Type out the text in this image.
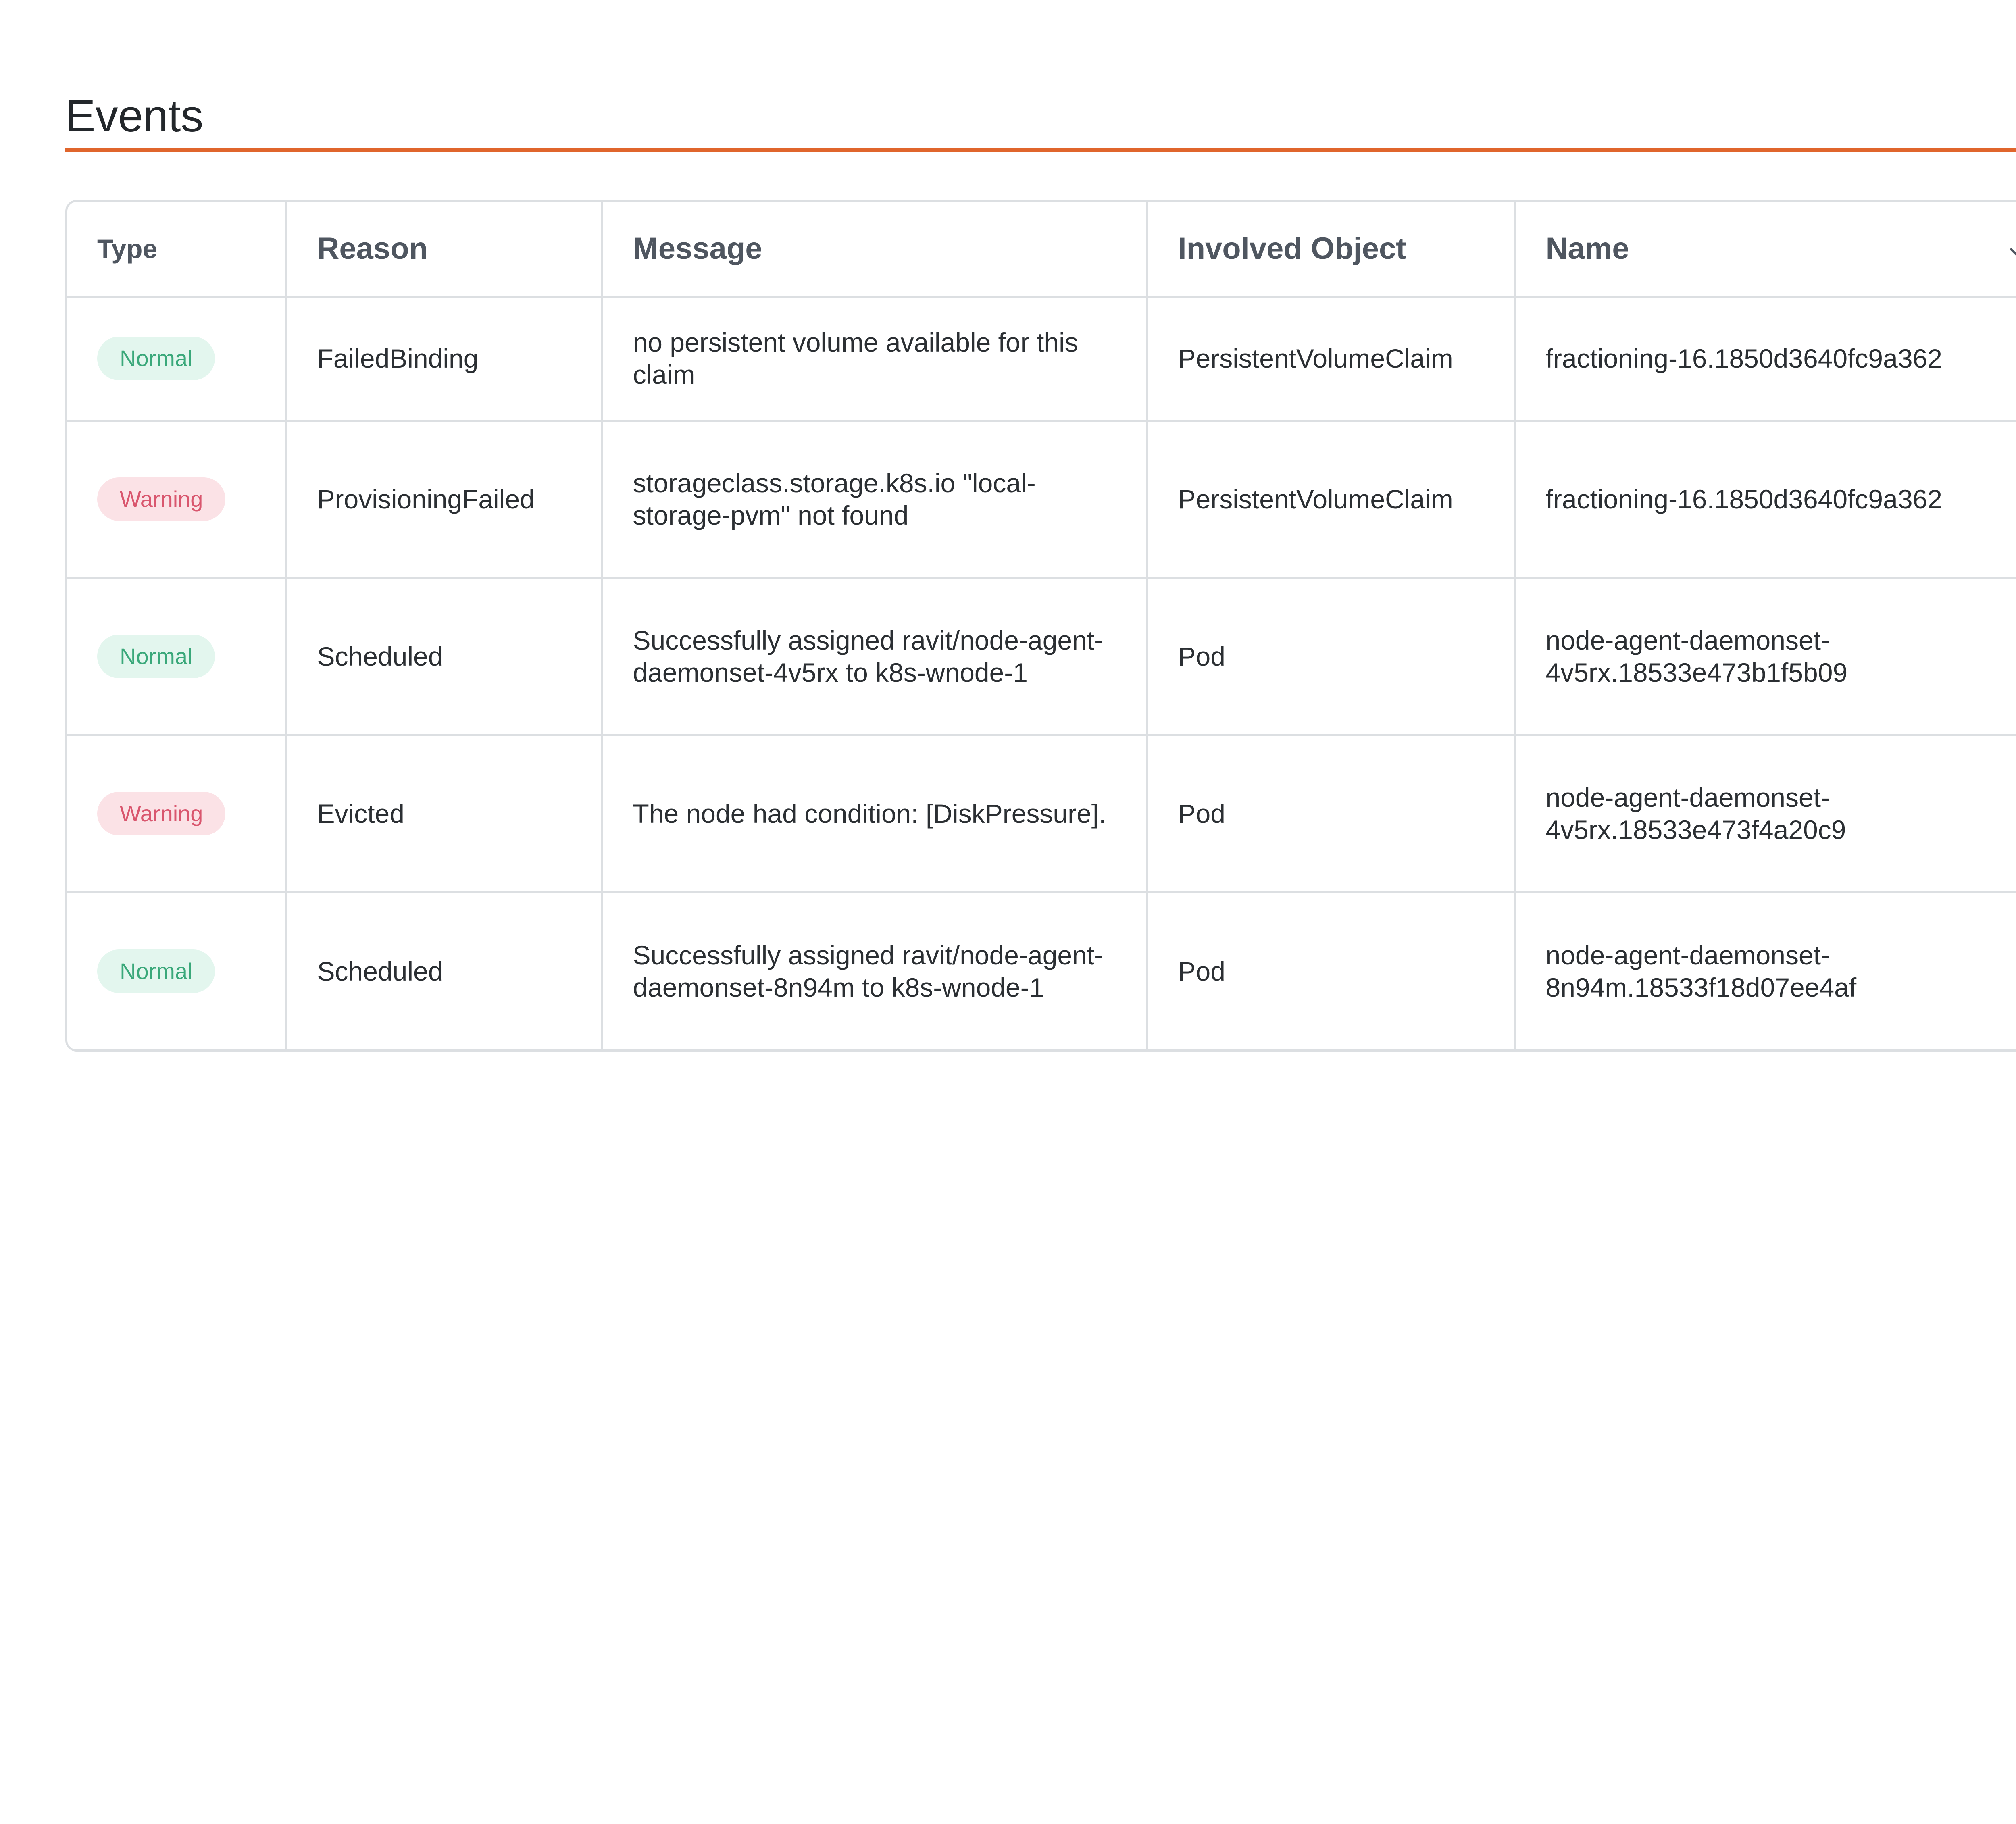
Events
Type	Reason	Message	Involved Object	Name

Normal	FailedBinding	no persistent volume available for this claim	PersistentVolumeClaim	fractioning-16.1850d3640fc9a362			
Warning	ProvisioningFailed	storageclass.storage.k8s.io "local-storage-pvm" not found	PersistentVolumeClaim	fractioning-16.1850d3640fc9a362			
Normal	Scheduled	Successfully assigned ravit/node-agent-daemonset-4v5rx to k8s-wnode-1	Pod	node-agent-daemonset-4v5rx.18533e473b1f5b09			
Warning	Evicted	The node had condition: [DiskPressure].	Pod	node-agent-daemonset-4v5rx.18533e473f4a20c9			
Normal	Scheduled	Successfully assigned ravit/node-agent-daemonset-8n94m to k8s-wnode-1	Pod	node-agent-daemonset-8n94m.18533f18d07ee4af			
